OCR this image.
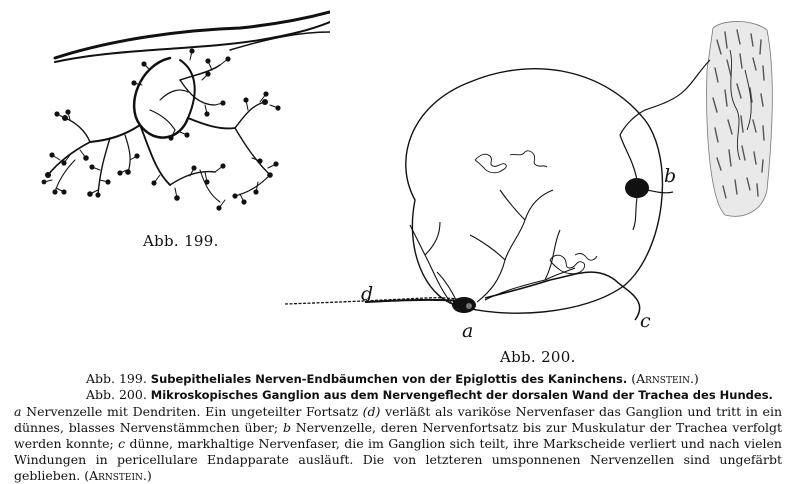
Abb. 199.
d
a
b
c
Abb. 200.
Abb. 199. Subepitheliales Nerven-Endbäumchen von der Epiglottis des Kaninchens. (Arnstein.)
Abb. 200. Mikroskopisches Ganglion aus dem Nervengeflecht der dorsalen Wand der Trachea des Hundes.
a Nervenzelle mit Dendriten. Ein ungeteilter Fortsatz (d) verläßt als variköse Nervenfaser das Ganglion und tritt in ein dünnes, blasses Nervenstämmchen über; b Nervenzelle, deren Nervenfortsatz bis zur Muskulatur der Trachea verfolgt werden konnte; c dünne, markhaltige Nervenfaser, die im Ganglion sich teilt, ihre Markscheide verliert und nach vielen Windungen in pericellulare Endapparate ausläuft. Die von letzteren umsponnenen Nervenzellen sind ungefärbt geblieben. (Arnstein.)
